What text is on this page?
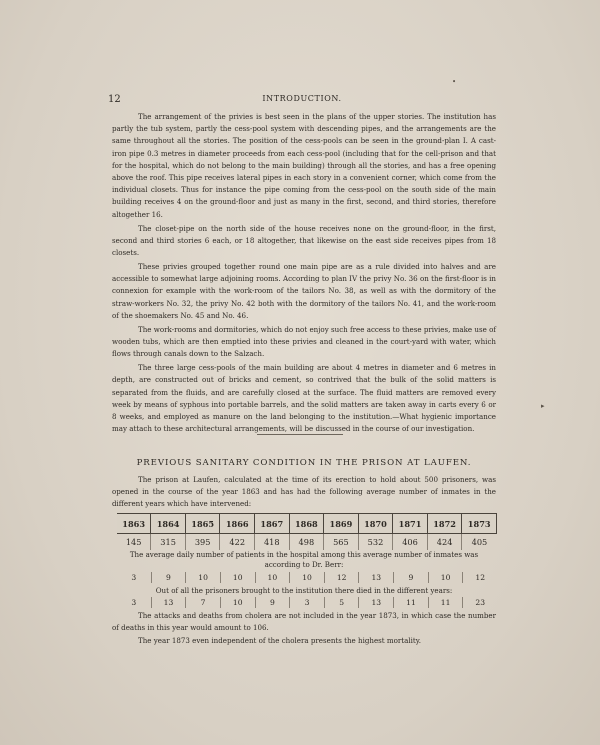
12	INTRODUCTION.

The arrangement of the privies is best seen in the plans of the upper stories. The institution has partly the tub system, partly the cess-pool system with descending pipes, and the arrangements are the same throughout all the stories. The position of the cess-pools can be seen in the ground-plan I. A cast-iron pipe 0.3 metres in diameter proceeds from each cess-pool (including that for the cell-prison and that for the hospital, which do not belong to the main building) through all the stories, and has a free opening above the roof. This pipe receives lateral pipes in each story in a convenient corner, which come from the individual closets. Thus for instance the pipe coming from the cess-pool on the south side of the main building receives 4 on the ground-floor and just as many in the first, second, and third stories, therefore altogether 16.

The closet-pipe on the north side of the house receives none on the ground-floor, in the first, second and third stories 6 each, or 18 altogether, that likewise on the east side receives pipes from 18 closets.

These privies grouped together round one main pipe are as a rule divided into halves and are accessible to somewhat large adjoining rooms. According to plan IV the privy No. 36 on the first-floor is in connexion for example with the work-room of the tailors No. 38, as well as with the dormitory of the straw-workers No. 32, the privy No. 42 both with the dormitory of the tailors No. 41, and the work-room of the shoemakers No. 45 and No. 46.

The work-rooms and dormitories, which do not enjoy such free access to these privies, make use of wooden tubs, which are then emptied into these privies and cleaned in the court-yard with water, which flows through canals down to the Salzach.

The three large cess-pools of the main building are about 4 metres in diameter and 6 metres in depth, are constructed out of bricks and cement, so contrived that the bulk of the solid matters is separated from the fluids, and are carefully closed at the surface. The fluid matters are removed every week by means of syphous into portable barrels, and the solid matters are taken away in carts every 6 or 8 weeks, and employed as manure on the land belonging to the institution.—What hygienic importance may attach to these architectural arrangements, will be discussed in the course of our investigation.

PREVIOUS SANITARY CONDITION IN THE PRISON AT LAUFEN.

The prison at Laufen, calculated at the time of its erection to hold about 500 prisoners, was opened in the course of the year 1863 and has had the following average number of inmates in the different years which have intervened:

1863	1864	1865	1866	1867	1868	1869	1870	1871	1872	1873
145	315	395	422	418	498	565	532	406	424	405
The average daily number of patients in the hospital among this average number of inmates was according to Dr. Berr:
3	9	10	10	10	10	12	13	9	10	12
Out of all the prisoners brought to the institution there died in the different years:
3	13	7	10	9	3	5	13	11	11	23

The attacks and deaths from cholera are not included in the year 1873, in which case the number of deaths in this year would amount to 106.

The year 1873 even independent of the cholera presents the highest mortality.

•
▸
